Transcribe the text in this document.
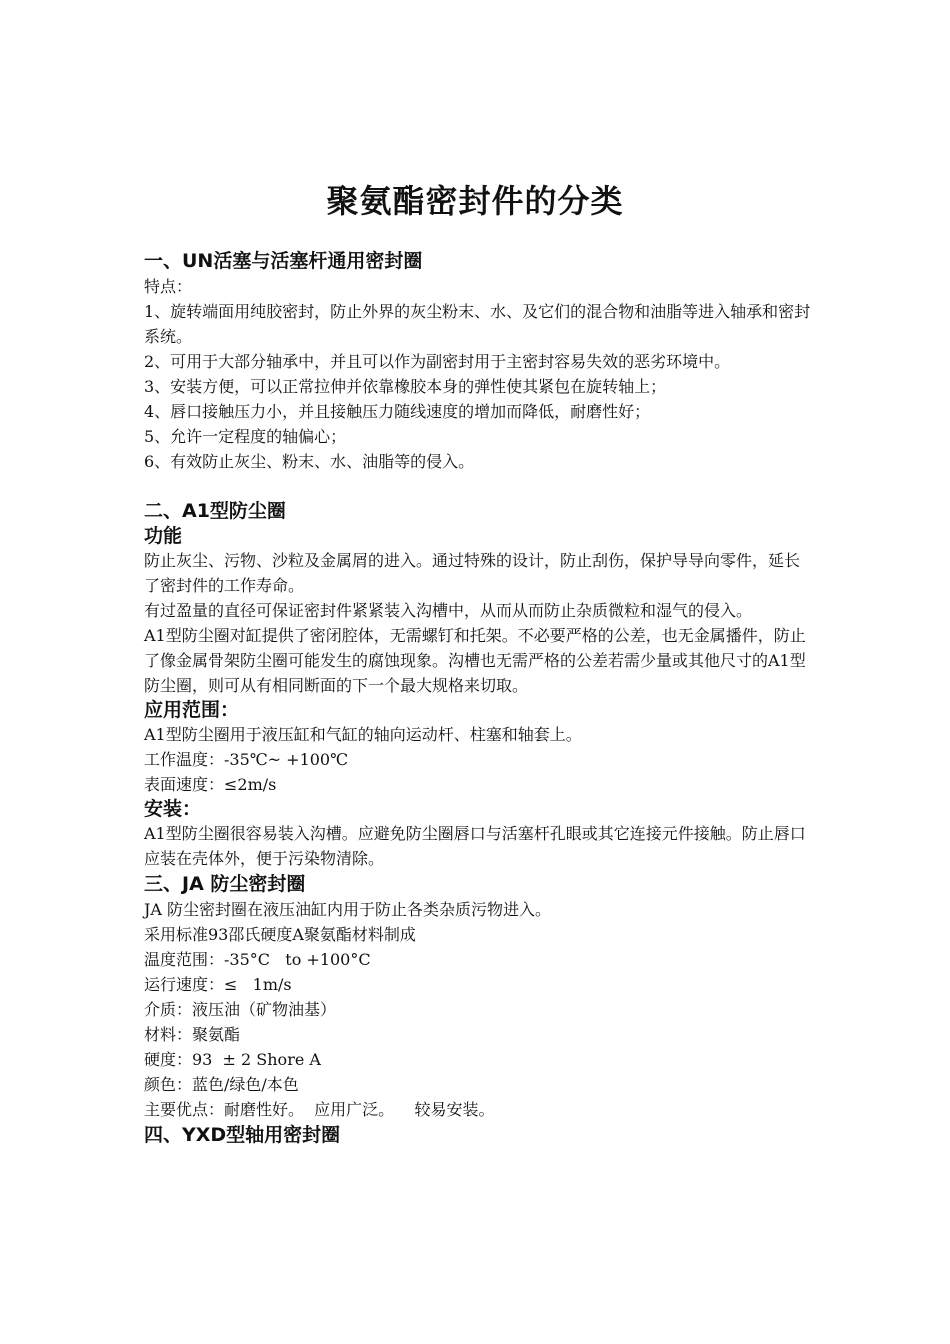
聚氨酯密封件的分类
一、UN活塞与活塞杆通用密封圈
特点：
1、旋转端面用纯胶密封，防止外界的灰尘粉末、水、及它们的混合物和油脂等进入轴承和密封系统。
2、可用于大部分轴承中，并且可以作为副密封用于主密封容易失效的恶劣环境中。
3、安装方便，可以正常拉伸并依靠橡胶本身的弹性使其紧包在旋转轴上；
4、唇口接触压力小，并且接触压力随线速度的增加而降低，耐磨性好；
5、允许一定程度的轴偏心；
6、有效防止灰尘、粉末、水、油脂等的侵入。
二、A1型防尘圈
功能
防止灰尘、污物、沙粒及金属屑的进入。通过特殊的设计，防止刮伤，保护导导向零件，延长了密封件的工作寿命。
有过盈量的直径可保证密封件紧紧装入沟槽中，从而从而防止杂质微粒和湿气的侵入。
A1型防尘圈对缸提供了密闭腔体，无需螺钉和托架。不必要严格的公差，也无金属播件，防止了像金属骨架防尘圈可能发生的腐蚀现象。沟槽也无需严格的公差若需少量或其他尺寸的A1型防尘圈，则可从有相同断面的下一个最大规格来切取。
应用范围：
A1型防尘圈用于液压缸和气缸的轴向运动杆、柱塞和轴套上。
工作温度：-35℃~ +100℃
表面速度：≤2m/s
安装：
A1型防尘圈很容易装入沟槽。应避免防尘圈唇口与活塞杆孔眼或其它连接元件接触。防止唇口应装在壳体外，便于污染物清除。
三、JA 防尘密封圈
JA 防尘密封圈在液压油缸内用于防止各类杂质污物进入。
采用标准93邵氏硬度A聚氨酯材料制成
温度范围：-35°C   to +100°C
运行速度：≤   1m/s
介质：液压油（矿物油基）
材料：聚氨酯
硬度：93  ± 2 Shore A
颜色：蓝色/绿色/本色
主要优点：耐磨性好。  应用广泛。    较易安装。
四、YXD型轴用密封圈
